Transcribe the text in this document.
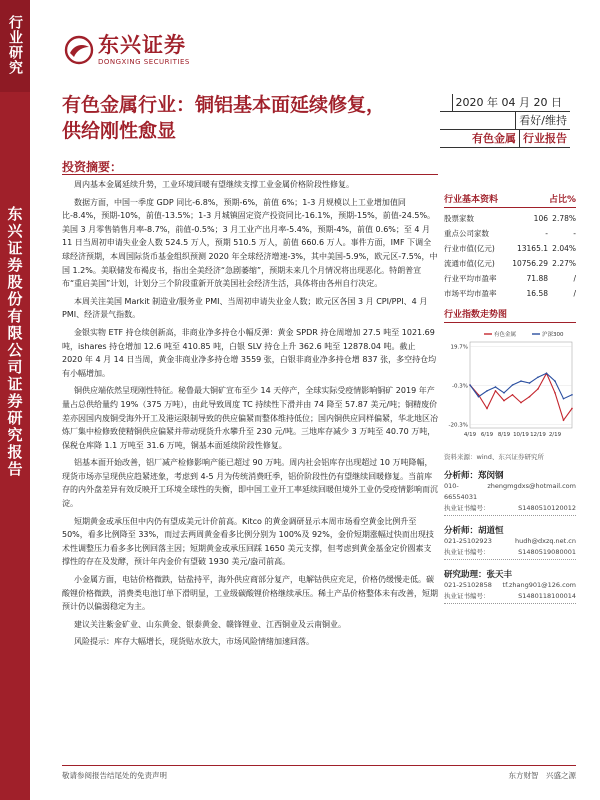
行业研究
东兴证券股份有限公司证券研究报告
东兴证券
DONGXING SECURITIES
有色金属行业：铜铝基本面延续修复，供给刚性愈显
2020 年 04 月 20 日
看好/维持
有色金属 行业报告
投资摘要：

周内基本金属延续升势，工业环境回暖有望继续支撑工业金属价格阶段性修复。

数据方面，中国一季度 GDP 同比-6.8%，预期-6%，前值 6%；1-3 月规模以上工业增加值同比-8.4%，预期-10%，前值-13.5%；1-3 月城镇固定资产投资同比-16.1%，预期-15%，前值-24.5%。美国 3 月零售销售月率-8.7%，前值-0.5%；3 月工业产出月率-5.4%，预期-4%，前值 0.6%；至 4 月 11 日当周初申请失业金人数 524.5 万人，预期 510.5 万人，前值 660.6 万人。事件方面，IMF 下调全球经济预期，本周国际货币基金组织预测 2020 年全球经济增速-3%，其中美国-5.9%，欧元区-7.5%，中国 1.2%。美联储发布褐皮书，指出全美经济“急剧萎缩”，预期未来几个月情况将出现恶化。特朗普宣布“重启美国”计划，计划分三个阶段重新开放美国社会经济生活，具体将由各州自行决定。

本周关注美国 Markit 制造业/服务业 PMI、当周初申请失业金人数；欧元区各国 3 月 CPI/PPI、4 月 PMI、经济景气指数。

金银实物 ETF 持仓续创新高，非商业净多持仓小幅反弹：黄金 SPDR 持仓周增加 27.5 吨至 1021.69 吨，ishares 持仓增加 12.6 吨至 410.85 吨，白银 SLV 持仓上升 362.6 吨至 12878.04 吨。截止 2020 年 4 月 14 日当周，黄金非商业净多持仓增 3559 张，白银非商业净多持仓增 837 张，多空持仓均有小幅增加。

铜供应端依然呈现刚性特征。秘鲁最大铜矿宣布至少 14 天停产，全球实际受疫情影响铜矿 2019 年产量占总供给量约 19%（375 万吨），由此导致周度 TC 持续性下滑并由 74 降至 57.87 美元/吨；铜精废价差亦因国内废铜受海外开工及港运限制导致的供应偏紧而整体维持低位；国内铜供应同样偏紧，华北地区冶炼厂集中检修致使精铜供应偏紧并带动现货升水攀升至 230 元/吨。三地库存减少 3 万吨至 40.70 万吨，保税仓库降 1.1 万吨至 31.6 万吨，铜基本面延续阶段性修复。

铝基本面开始改善，铝厂减产检修影响产能已超过 90 万吨。周内社会铝库存出现超过 10 万吨降幅，现货市场亦呈现供应趋紧迹象，考虑到 4-5 月为传统消费旺季，铝价阶段性仍有望继续回暖修复。当前库存的内外盘差异有效反映开工环境全球性的失衡，即中国工业开工率延续回暖但境外工业仍受疫情影响而沉淀。

短期黄金或承压但中内仍有望成美元计价前高。Kitco 的黄金调研显示本周市场看空黄金比例升至 50%，看多比例降至 33%，而过去两周黄金看多比例分别为 100%及 92%，金价短期涨幅过快而出现技术性调整压力看多多比例回落主因；短期黄金或承压回踩 1650 美元支撑，但考虑到黄金基金定价圆素支撑性的存在及发酵，预计年内金价有望破 1930 美元/盎司前高。

小金属方面，电钴价格微跌，钴盐持平，海外供应商部分复产，电解钴供应充足，价格仍缓慢走低。碳酸锂价格微跌，消费类电池订单下滑明显，工业级碳酸锂价格继续承压。稀土产品价格整体未有改善，短期预计仍以偏弱稳定为主。

建议关注紫金矿业、山东黄金、银泰黄金、赣锋锂业、江西铜业及云南铜业。

风险提示：库存大幅增长，现货贴水放大，市场风险情绪加速回落。

行业基本资料	占比%
股票家数	106 2.78%
重点公司家数	-	-
行业市值(亿元)	13165.1 2.04%
流通市值(亿元)	10756.29 2.27%
行业平均市盈率	71.88	/
市场平均市盈率	16.58	/
行业指数走势图
19.7%
-0.3%
-20.3%
4/19 6/19 8/19 10/19 12/19 2/19
有色金属	沪深300
资料来源：wind、东兴证券研究所
分析师：郑闵钢
010-66554031
zhengmgdxs@hotmail.com
执业证书编号：	S1480510120012
分析师：胡道恒
021-25102923	hudh@dxzq.net.cn
执业证书编号：	S1480519080001
研究助理：张天丰
021-25102858 tf.zhang901@126.com
执业证书编号：	S1480118100014
敬请参阅报告结尾处的免责声明	东方财智　兴盛之源
